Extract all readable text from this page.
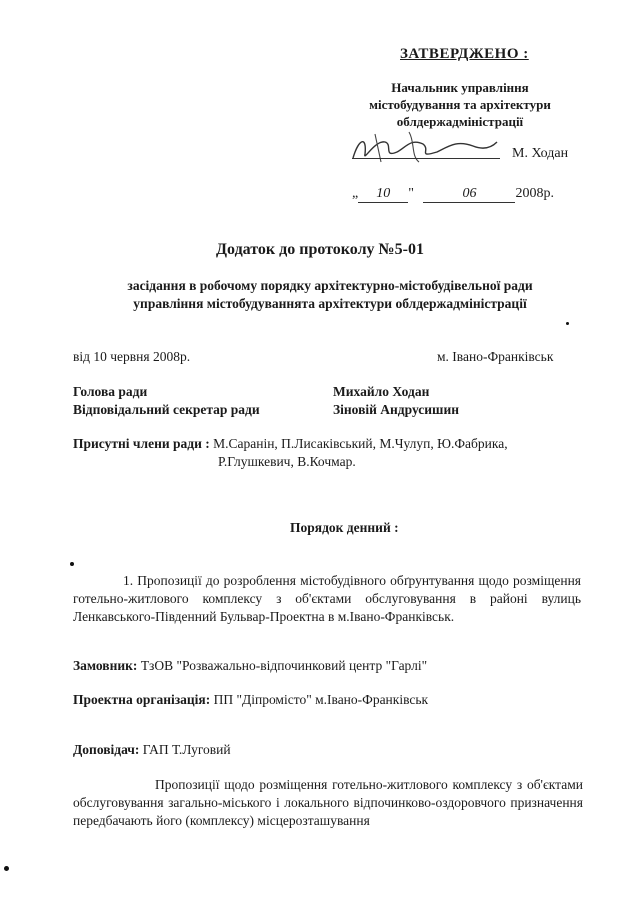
ЗАТВЕРДЖЕНО :
Начальник управління
містобудування та архітектури
облдержадміністрації
М. Ходан
„ 10 "	06	2008р.
Додаток до протоколу №5-01
засідання в робочому порядку архітектурно-містобудівельної ради
управління містобудуваннята архітектури облдержадміністрації
від 10 червня 2008р.	м. Івано-Франківськ
Голова ради	Михайло Ходан
Відповідальний секретар ради	Зіновій Андрусишин
Присутні члени ради : М.Саранін, П.Лисаківський, М.Чулуп, Ю.Фабрика,
Р.Глушкевич, В.Кочмар.
Порядок денний :
1. Пропозиції до розроблення містобудівного обґрунтування щодо розміщення готельно-житлового комплексу з об'єктами обслуговування в районі вулиць Ленкавського-Південний Бульвар-Проектна в м.Івано-Франківськ.
Замовник: ТзОВ "Розважально-відпочинковий центр "Гарлі"
Проектна організація: ПП "Діпромісто" м.Івано-Франківськ
Доповідач: ГАП Т.Луговий
Пропозиції щодо розміщення готельно-житлового комплексу з об'єктами обслуговування загально-міського і локального відпочинково-оздоровчого призначення передбачають його (комплексу) місцерозташування
